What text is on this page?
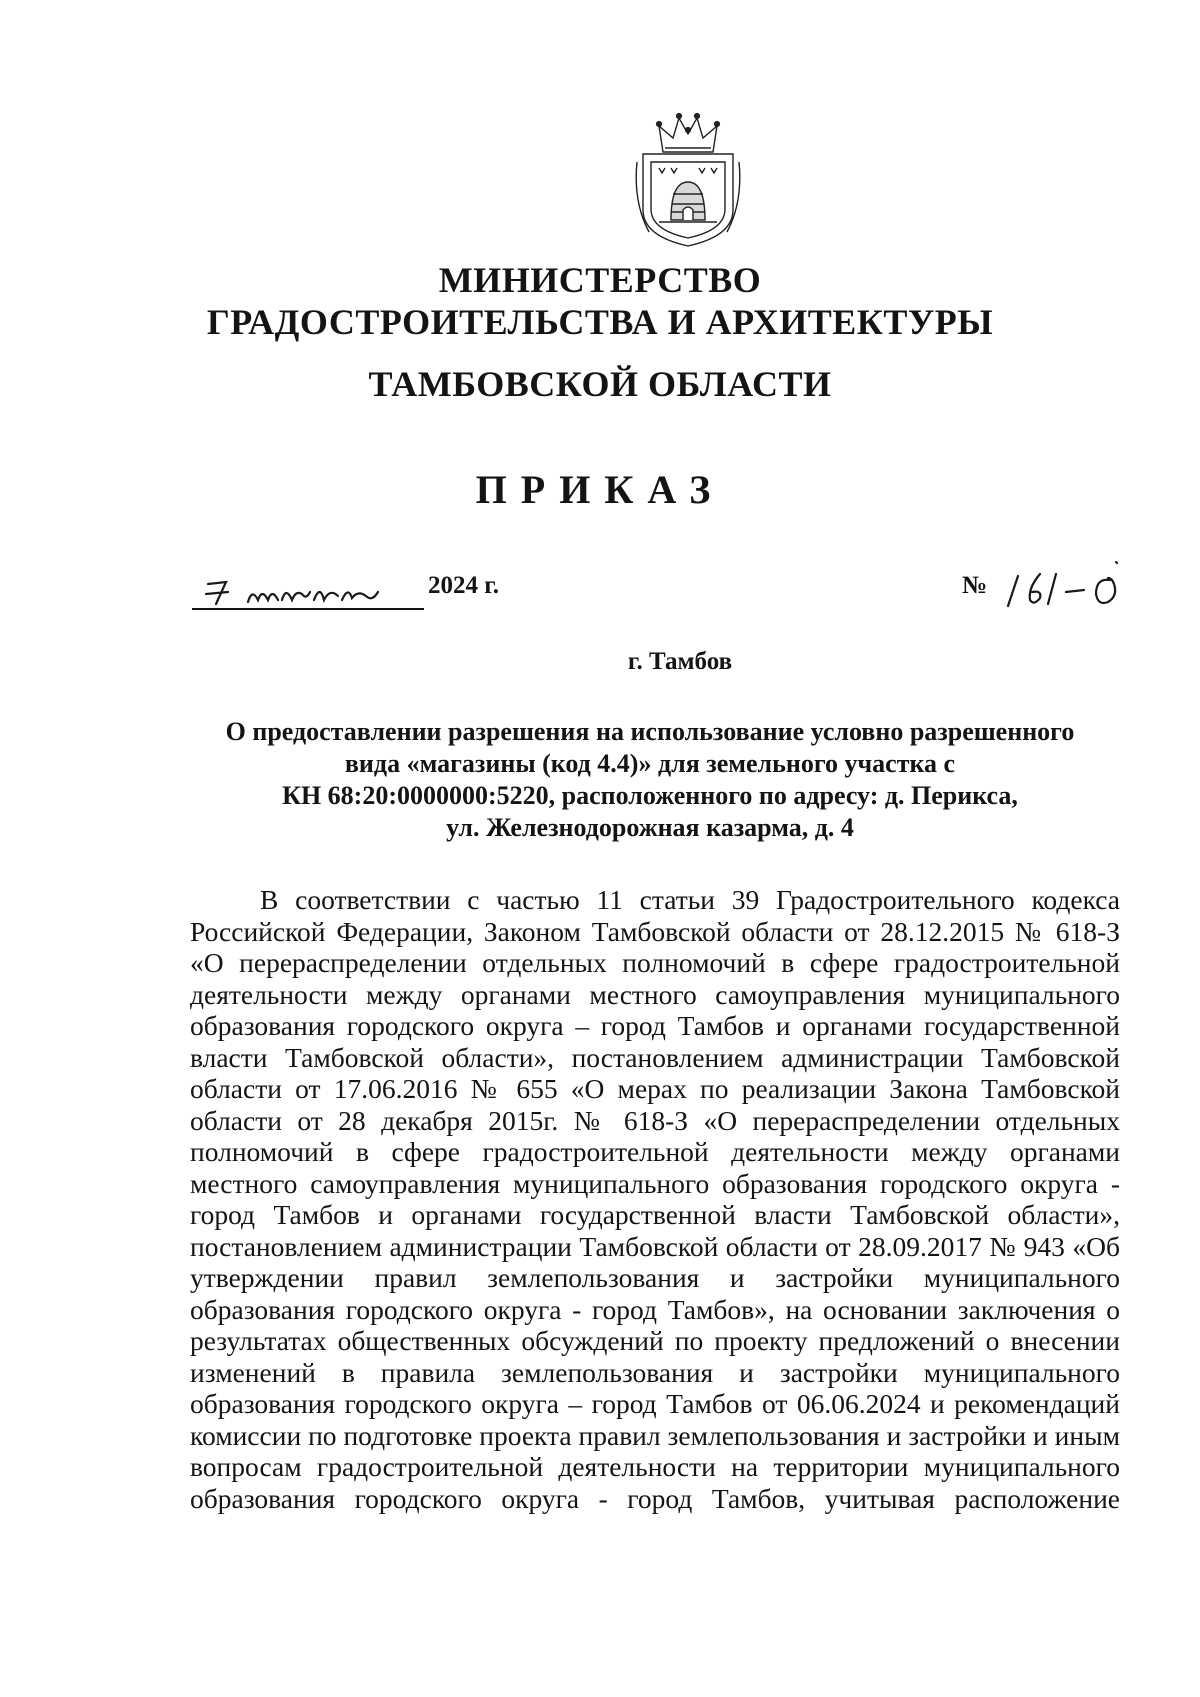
МИНИСТЕРСТВО
ГРАДОСТРОИТЕЛЬСТВА И АРХИТЕКТУРЫ
ТАМБОВСКОЙ ОБЛАСТИ
ПРИКАЗ
2024 г.	№
г. Тамбов
О предоставлении разрешения на использование условно разрешенного
вида «магазины (код 4.4)» для земельного участка с
КН 68:20:0000000:5220, расположенного по адресу: д. Перикса,
ул. Железнодорожная казарма, д. 4
В соответствии с частью 11 статьи 39 Градостроительного кодекса
Российской Федерации, Законом Тамбовской области от 28.12.2015 № 618-З
«О перераспределении отдельных полномочий в сфере градостроительной
деятельности между органами местного самоуправления муниципального
образования городского округа – город Тамбов и органами государственной
власти Тамбовской области», постановлением администрации Тамбовской
области от 17.06.2016 № 655 «О мерах по реализации Закона Тамбовской
области от 28 декабря 2015г. № 618-З «О перераспределении отдельных
полномочий в сфере градостроительной деятельности между органами
местного самоуправления муниципального образования городского округа -
город Тамбов и органами государственной власти Тамбовской области»,
постановлением администрации Тамбовской области от 28.09.2017 № 943 «Об
утверждении правил землепользования и застройки муниципального
образования городского округа - город Тамбов», на основании заключения о
результатах общественных обсуждений по проекту предложений о внесении
изменений в правила землепользования и застройки муниципального
образования городского округа – город Тамбов от 06.06.2024 и рекомендаций
комиссии по подготовке проекта правил землепользования и застройки и иным
вопросам градостроительной деятельности на территории муниципального
образования городского округа - город Тамбов, учитывая расположение
